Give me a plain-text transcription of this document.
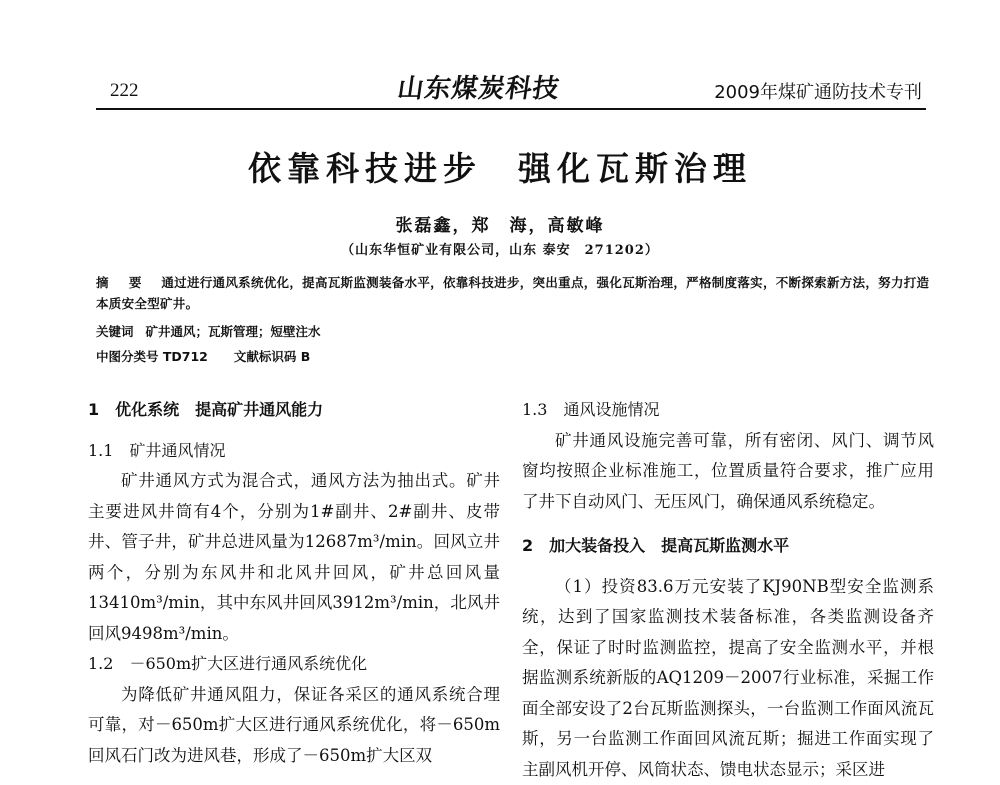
222	山东煤炭科技	2009年煤矿通防技术专刊
依靠科技进步 强化瓦斯治理
张磊鑫，郑　海，高敏峰
（山东华恒矿业有限公司，山东 泰安　271202）
摘 要 通过进行通风系统优化，提高瓦斯监测装备水平，依靠科技进步，突出重点，强化瓦斯治理，严格制度落实，不断探索新方法，努力打造本质安全型矿井。
关键词 矿井通风；瓦斯管理；短壁注水
中图分类号 TD712 文献标识码 B

1　优化系统　提高矿井通风能力

1.1　矿井通风情况

矿井通风方式为混合式，通风方法为抽出式。矿井主要进风井筒有4个，分别为1#副井、2#副井、皮带井、管子井，矿井总进风量为12687m³/min。回风立井两个，分别为东风井和北风井回风，矿井总回风量13410m³/min，其中东风井回风3912m³/min，北风井回风9498m³/min。

1.2　－650m扩大区进行通风系统优化

为降低矿井通风阻力，保证各采区的通风系统合理可靠，对－650m扩大区进行通风系统优化，将－650m回风石门改为进风巷，形成了－650m扩大区双

1.3　通风设施情况

矿井通风设施完善可靠，所有密闭、风门、调节风窗均按照企业标准施工，位置质量符合要求，推广应用了井下自动风门、无压风门，确保通风系统稳定。

2　加大装备投入　提高瓦斯监测水平

（1）投资83.6万元安装了KJ90NB型安全监测系统，达到了国家监测技术装备标准，各类监测设备齐全，保证了时时监测监控，提高了安全监测水平，并根据监测系统新版的AQ1209－2007行业标准，采掘工作面全部安设了2台瓦斯监测探头，一台监测工作面风流瓦斯，另一台监测工作面回风流瓦斯；掘进工作面实现了主副风机开停、风筒状态、馈电状态显示；采区进
